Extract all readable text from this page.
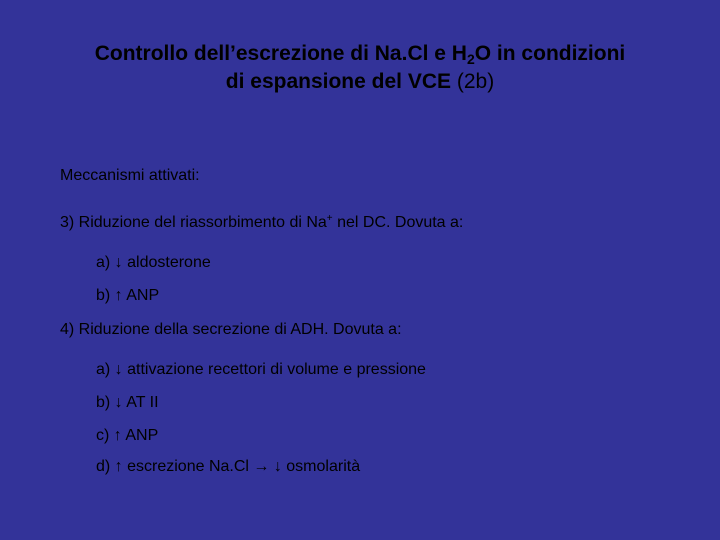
Controllo dell’escrezione di Na.Cl e $H_2O$ in condizioni
di espansione del VCE (2b)
Meccanismi attivati:
3) Riduzione del riassorbimento di Na+ nel DC. Dovuta a:
a) ↓ aldosterone
b) ↑ ANP
4) Riduzione della secrezione di ADH. Dovuta a:
a) ↓ attivazione recettori di volume e pressione
b) ↓ AT II
c) ↑ ANP
d) ↑ escrezione Na.Cl → ↓ osmolarità
